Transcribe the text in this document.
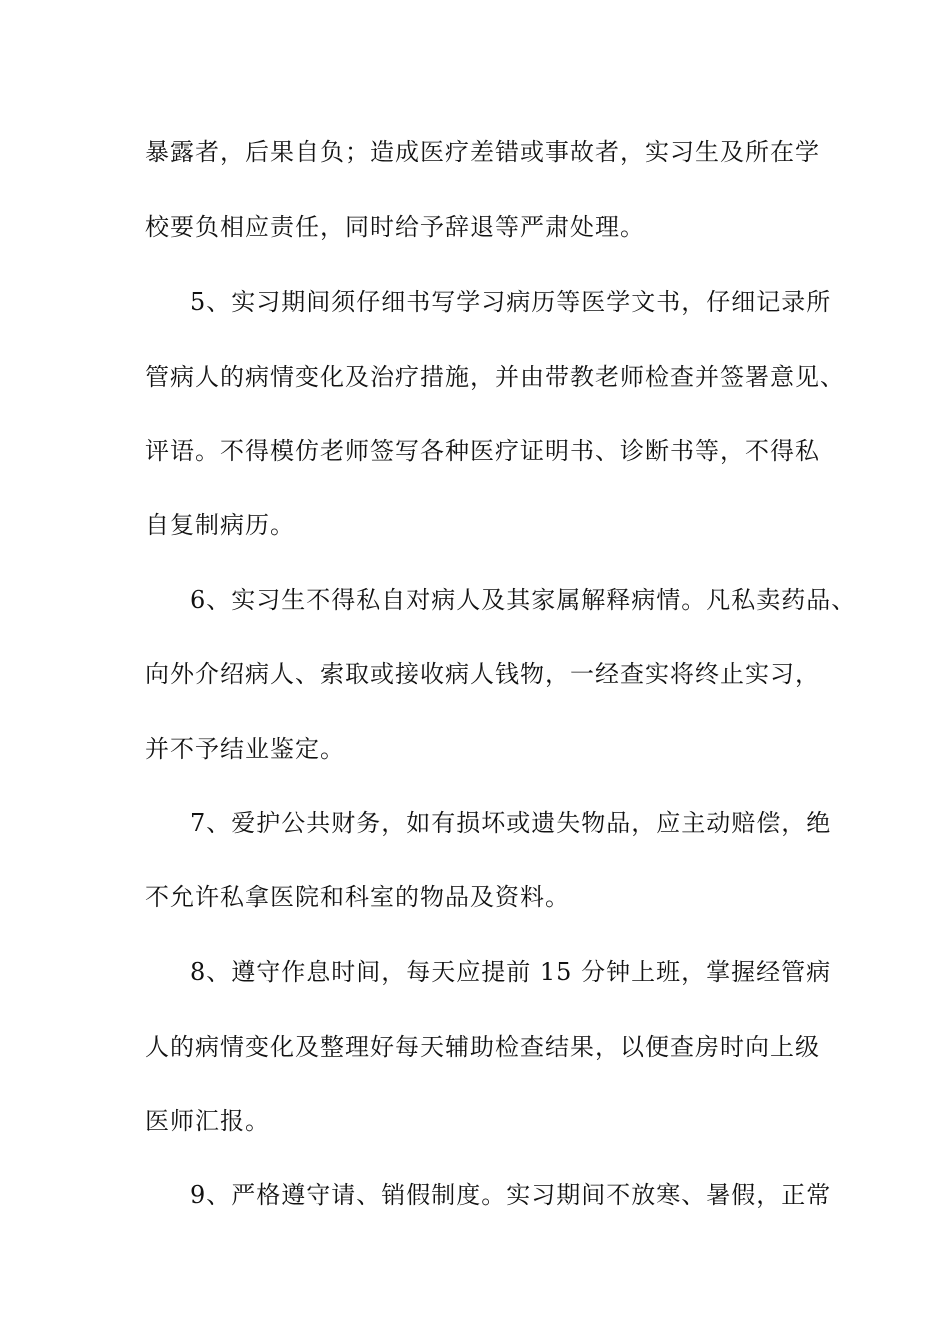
暴露者，后果自负；造成医疗差错或事故者，实习生及所在学
校要负相应责任，同时给予辞退等严肃处理。
5、实习期间须仔细书写学习病历等医学文书，仔细记录所
管病人的病情变化及治疗措施，并由带教老师检查并签署意见、
评语。不得模仿老师签写各种医疗证明书、诊断书等，不得私
自复制病历。
6、实习生不得私自对病人及其家属解释病情。凡私卖药品、
向外介绍病人、索取或接收病人钱物，一经查实将终止实习，
并不予结业鉴定。
7、爱护公共财务，如有损坏或遗失物品，应主动赔偿，绝
不允许私拿医院和科室的物品及资料。
8、遵守作息时间，每天应提前 15 分钟上班，掌握经管病
人的病情变化及整理好每天辅助检查结果，以便查房时向上级
医师汇报。
9、严格遵守请、销假制度。实习期间不放寒、暑假，正常
